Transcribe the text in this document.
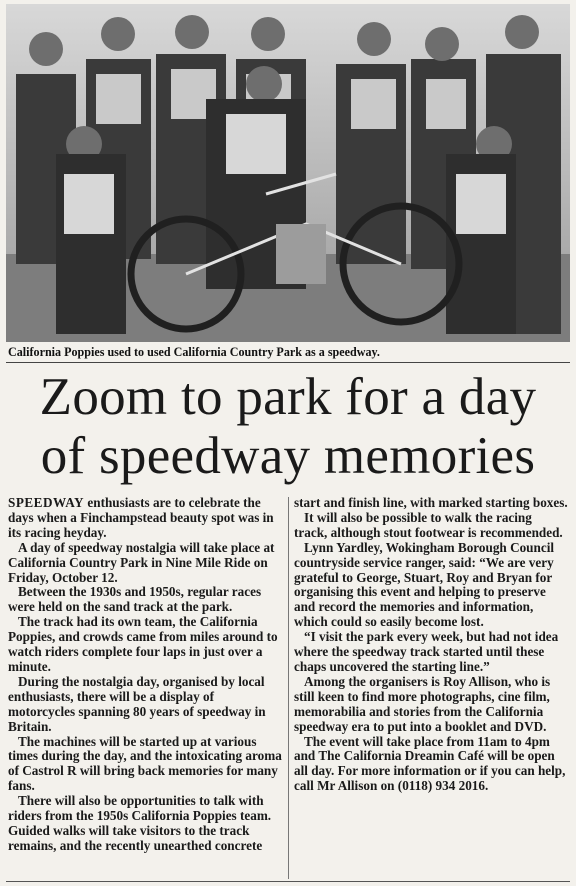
California Poppies used to used California Country Park as a speedway.
Zoom to park for a day
of speedway memories

SPEEDWAY enthusiasts are to celebrate the days when a Finchampstead beauty spot was in its racing heyday.

A day of speedway nostalgia will take place at California Country Park in Nine Mile Ride on Friday, October 12.

Between the 1930s and 1950s, regular races were held on the sand track at the park.

The track had its own team, the California Poppies, and crowds came from miles around to watch riders complete four laps in just over a minute.

During the nostalgia day, organised by local enthusiasts, there will be a display of motorcycles spanning 80 years of speedway in Britain.

The machines will be started up at various times during the day, and the intoxicating aroma of Castrol R will bring back memories for many fans.

There will also be opportunities to talk with riders from the 1950s California Poppies team. Guided walks will take visitors to the track remains, and the recently unearthed concrete

start and finish line, with marked starting boxes.

It will also be possible to walk the racing track, although stout footwear is recommended.

Lynn Yardley, Wokingham Borough Council countryside service ranger, said: “We are very grateful to George, Stuart, Roy and Bryan for organising this event and helping to preserve and record the memories and information, which could so easily become lost.

“I visit the park every week, but had not idea where the speedway track started until these chaps uncovered the starting line.”

Among the organisers is Roy Allison, who is still keen to find more photographs, cine film, memorabilia and stories from the California speedway era to put into a booklet and DVD.

The event will take place from 11am to 4pm and The California Dreamin Café will be open all day. For more information or if you can help, call Mr Allison on (0118) 934 2016.
